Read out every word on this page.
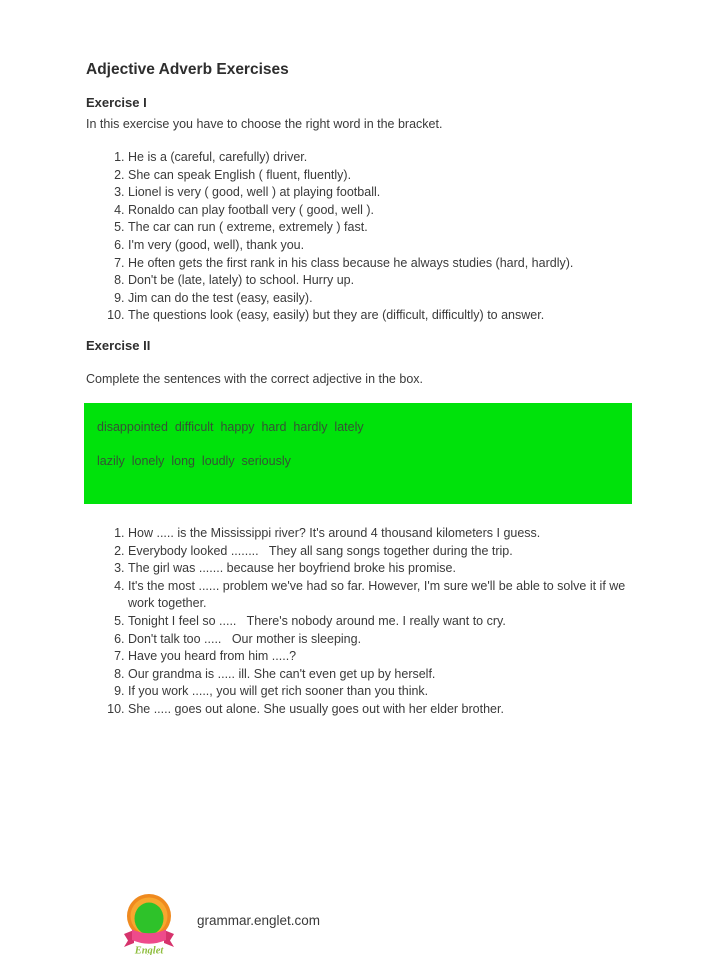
Adjective Adverb Exercises
Exercise I

In this exercise you have to choose the right word in the bracket.

1. He is a (careful, carefully) driver.
2. She can speak English ( fluent, fluently).
3. Lionel is very ( good, well ) at playing football.
4. Ronaldo can play football very ( good, well ).
5. The car can run ( extreme, extremely ) fast.
6. I'm very (good, well), thank you.
7. He often gets the first rank in his class because he always studies (hard, hardly).
8. Don't be (late, lately) to school. Hurry up.
9. Jim can do the test (easy, easily).
10. The questions look (easy, easily) but they are (difficult, difficultly) to answer.
Exercise II

Complete the sentences with the correct adjective in the box.

disappointed  difficult  happy  hard  hardly  lately

lazily  lonely  long  loudly  seriously

1. How ..... is the Mississippi river? It's around 4 thousand kilometers I guess.
2. Everybody looked ........   They all sang songs together during the trip.
3. The girl was ....... because her boyfriend broke his promise.
4. It's the most ...... problem we've had so far. However, I'm sure we'll be able to solve it if we work together.
5. Tonight I feel so .....   There's nobody around me. I really want to cry.
6. Don't talk too .....   Our mother is sleeping.
7. Have you heard from him .....?
8. Our grandma is ..... ill. She can't even get up by herself.
9. If you work ....., you will get rich sooner than you think.
10. She ..... goes out alone. She usually goes out with her elder brother.
Englet
grammar.englet.com
